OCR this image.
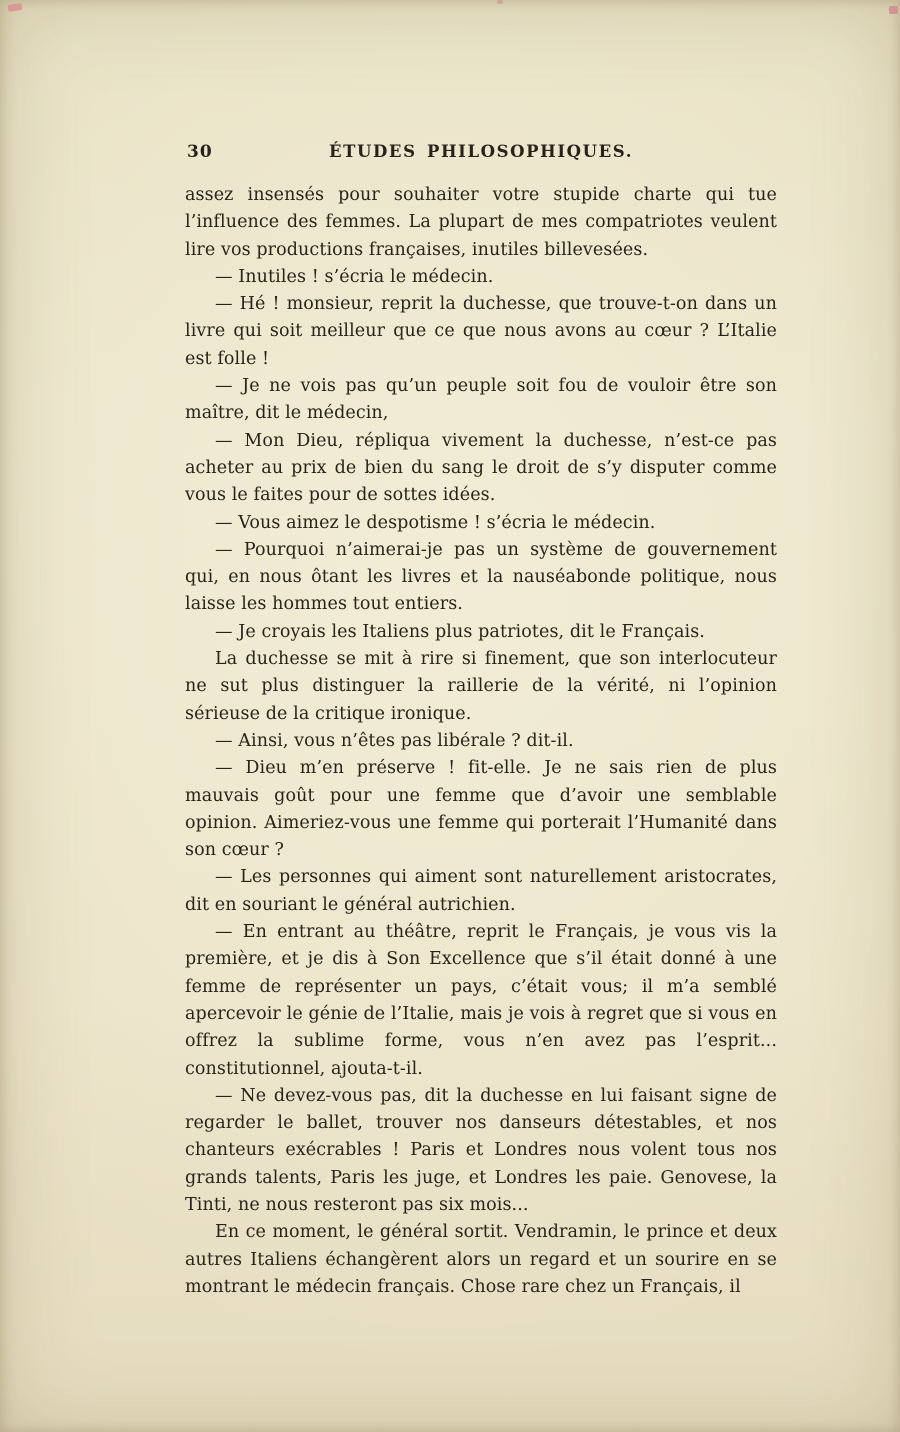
30	ÉTUDES PHILOSOPHIQUES.

assez insensés pour souhaiter votre stupide charte qui tue l’influence des femmes. La plupart de mes compatriotes veulent lire vos productions françaises, inutiles billevesées.

— Inutiles ! s’écria le médecin.

— Hé ! monsieur, reprit la duchesse, que trouve-t-on dans un livre qui soit meilleur que ce que nous avons au cœur ? L’Italie est folle !

— Je ne vois pas qu’un peuple soit fou de vouloir être son maître, dit le médecin,

— Mon Dieu, répliqua vivement la duchesse, n’est-ce pas acheter au prix de bien du sang le droit de s’y disputer comme vous le faites pour de sottes idées.

— Vous aimez le despotisme ! s’écria le médecin.

— Pourquoi n’aimerai-je pas un système de gouvernement qui, en nous ôtant les livres et la nauséabonde politique, nous laisse les hommes tout entiers.

— Je croyais les Italiens plus patriotes, dit le Français.

La duchesse se mit à rire si finement, que son interlocuteur ne sut plus distinguer la raillerie de la vérité, ni l’opinion sérieuse de la critique ironique.

— Ainsi, vous n’êtes pas libérale ? dit-il.

— Dieu m’en préserve ! fit-elle. Je ne sais rien de plus mauvais goût pour une femme que d’avoir une semblable opinion. Aimeriez-vous une femme qui porterait l’Humanité dans son cœur ?

— Les personnes qui aiment sont naturellement aristocrates, dit en souriant le général autrichien.

— En entrant au théâtre, reprit le Français, je vous vis la première, et je dis à Son Excellence que s’il était donné à une femme de représenter un pays, c’était vous; il m’a semblé apercevoir le génie de l’Italie, mais je vois à regret que si vous en offrez la sublime forme, vous n’en avez pas l’esprit... constitutionnel, ajouta-t-il.

— Ne devez-vous pas, dit la duchesse en lui faisant signe de regarder le ballet, trouver nos danseurs détestables, et nos chanteurs exécrables ! Paris et Londres nous volent tous nos grands talents, Paris les juge, et Londres les paie. Genovese, la Tinti, ne nous resteront pas six mois...

En ce moment, le général sortit. Vendramin, le prince et deux autres Italiens échangèrent alors un regard et un sourire en se montrant le médecin français. Chose rare chez un Français, il
